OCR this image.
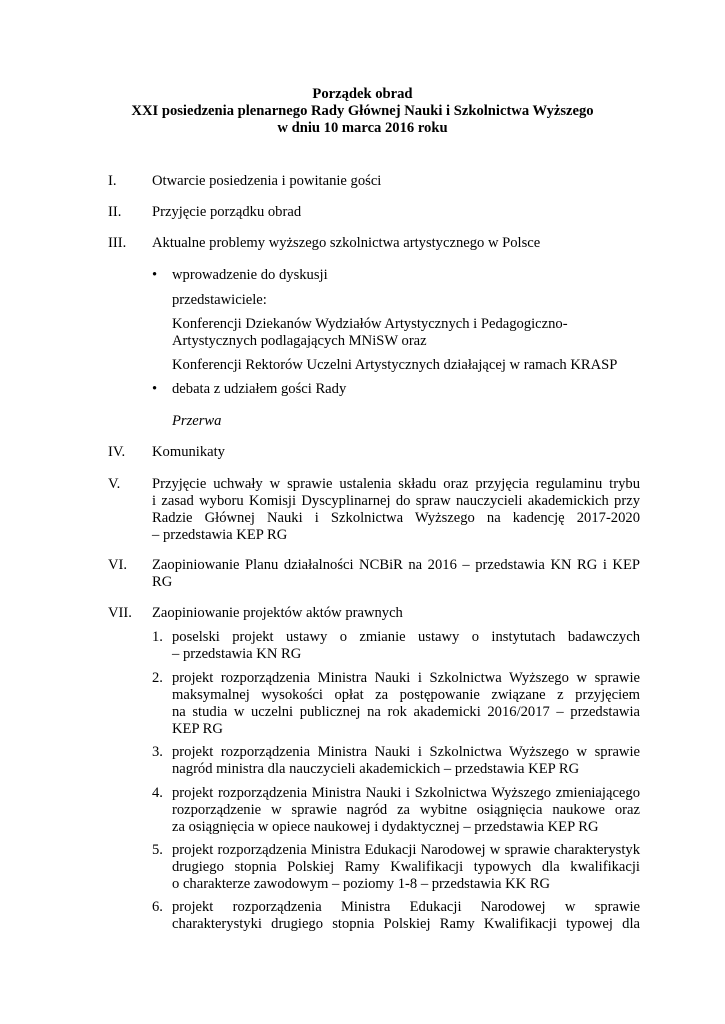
Porządek obrad
XXI posiedzenia plenarnego Rady Głównej Nauki i Szkolnictwa Wyższego
w dniu 10 marca 2016 roku
I. Otwarcie posiedzenia i powitanie gości
II. Przyjęcie porządku obrad
III. Aktualne problemy wyższego szkolnictwa artystycznego w Polsce
• wprowadzenie do dyskusji
przedstawiciele:
Konferencji Dziekanów Wydziałów Artystycznych i Pedagogiczno-
Artystycznych podlagających MNiSW oraz
Konferencji Rektorów Uczelni Artystycznych działającej w ramach KRASP
• debata z udziałem gości Rady
Przerwa
IV. Komunikaty
V. Przyjęcie uchwały w sprawie ustalenia składu oraz przyjęcia regulaminu trybu
i zasad wyboru Komisji Dyscyplinarnej do spraw nauczycieli akademickich przy
Radzie Głównej Nauki i Szkolnictwa Wyższego na kadencję 2017-2020
– przedstawia KEP RG
VI. Zaopiniowanie Planu działalności NCBiR na 2016 – przedstawia KN RG i KEP
RG
VII. Zaopiniowanie projektów aktów prawnych
1. poselski projekt ustawy o zmianie ustawy o instytutach badawczych
– przedstawia KN RG
2. projekt rozporządzenia Ministra Nauki i Szkolnictwa Wyższego w sprawie
maksymalnej wysokości opłat za postępowanie związane z przyjęciem
na studia w uczelni publicznej na rok akademicki 2016/2017 – przedstawia
KEP RG
3. projekt rozporządzenia Ministra Nauki i Szkolnictwa Wyższego w sprawie
nagród ministra dla nauczycieli akademickich – przedstawia KEP RG
4. projekt rozporządzenia Ministra Nauki i Szkolnictwa Wyższego zmieniającego
rozporządzenie w sprawie nagród za wybitne osiągnięcia naukowe oraz
za osiągnięcia w opiece naukowej i dydaktycznej – przedstawia KEP RG
5. projekt rozporządzenia Ministra Edukacji Narodowej w sprawie charakterystyk
drugiego stopnia Polskiej Ramy Kwalifikacji typowych dla kwalifikacji
o charakterze zawodowym – poziomy 1-8 – przedstawia KK RG
6. projekt rozporządzenia Ministra Edukacji Narodowej w sprawie
charakterystyki drugiego stopnia Polskiej Ramy Kwalifikacji typowej dla
